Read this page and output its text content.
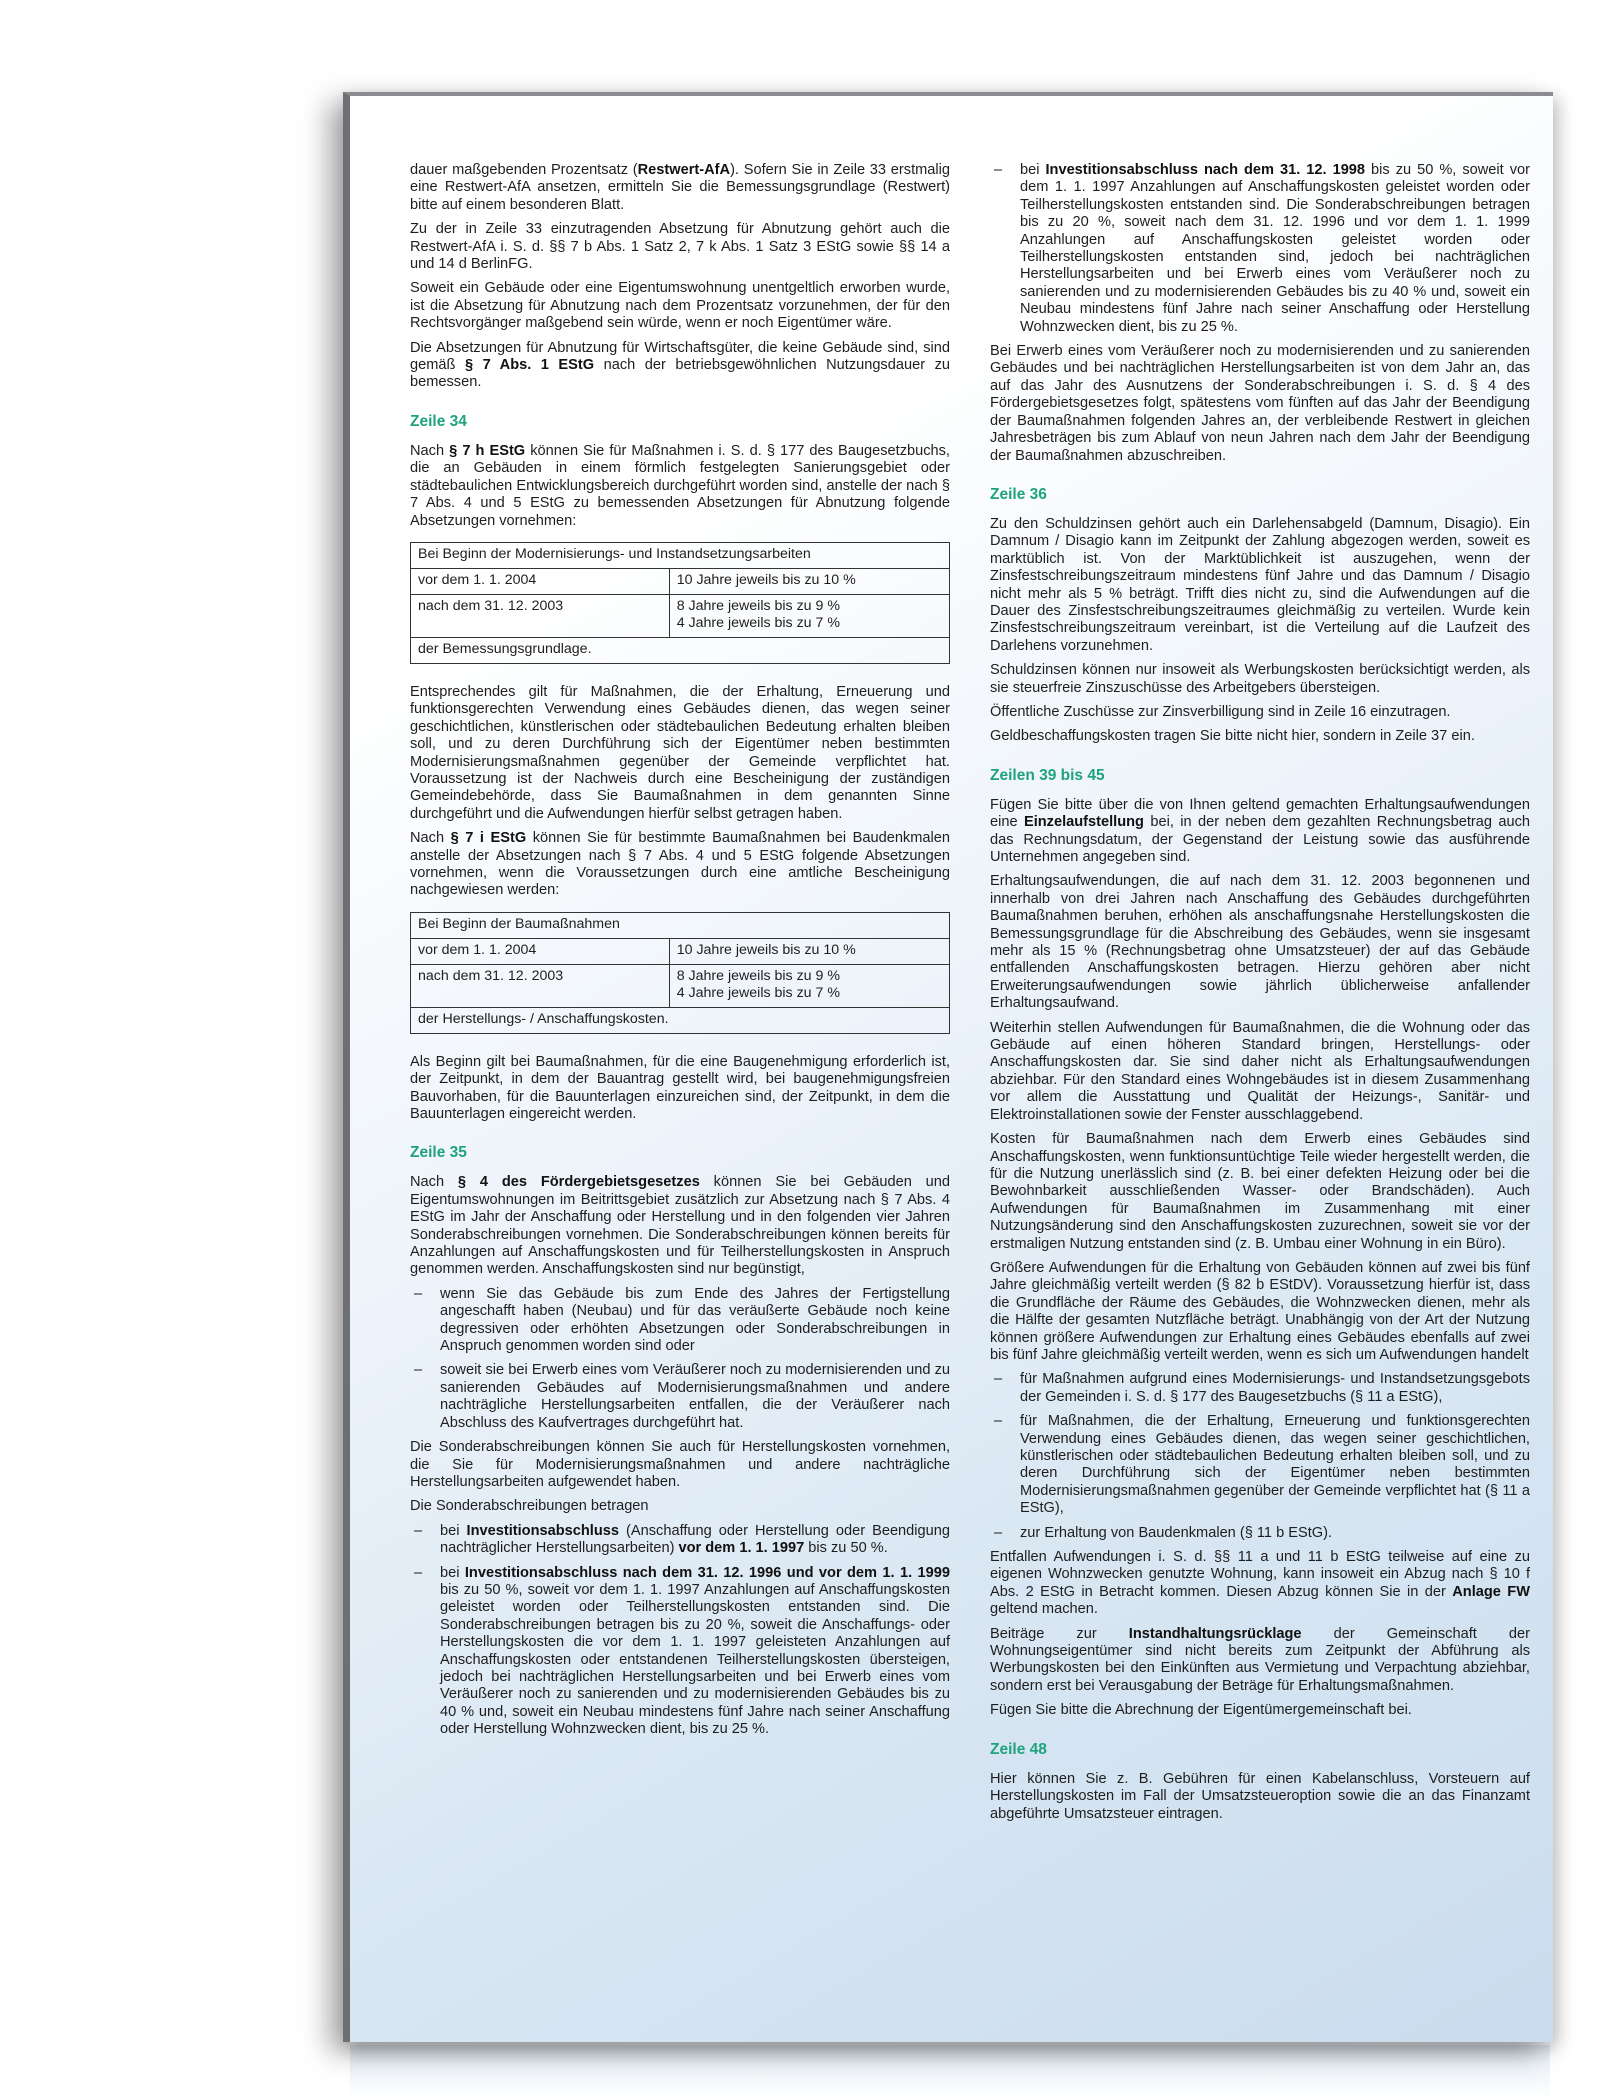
dauer maßgebenden Prozentsatz (Restwert-AfA). Sofern Sie in Zeile 33 erstmalig eine Restwert-AfA ansetzen, ermitteln Sie die Bemessungsgrundlage (Restwert) bitte auf einem besonderen Blatt.

Zu der in Zeile 33 einzutragenden Absetzung für Abnutzung gehört auch die Restwert-AfA i. S. d. §§ 7 b Abs. 1 Satz 2, 7 k Abs. 1 Satz 3 EStG sowie §§ 14 a und 14 d BerlinFG.

Soweit ein Gebäude oder eine Eigentumswohnung unentgeltlich erworben wurde, ist die Absetzung für Abnutzung nach dem Prozentsatz vorzunehmen, der für den Rechtsvorgänger maßgebend sein würde, wenn er noch Eigentümer wäre.

Die Absetzungen für Abnutzung für Wirtschaftsgüter, die keine Gebäude sind, sind gemäß § 7 Abs. 1 EStG nach der betriebsgewöhnlichen Nutzungsdauer zu bemessen.

Zeile 34

Nach § 7 h EStG können Sie für Maßnahmen i. S. d. § 177 des Baugesetzbuchs, die an Gebäuden in einem förmlich festgelegten Sanierungsgebiet oder städtebaulichen Entwicklungsbereich durchgeführt worden sind, anstelle der nach § 7 Abs. 4 und 5 EStG zu bemessenden Absetzungen für Abnutzung folgende Absetzungen vornehmen:

Bei Beginn der Modernisierungs- und Instandsetzungsarbeiten	
vor dem 1. 1. 2004	10 Jahre jeweils bis zu 10 %

nach dem 31. 12. 2003	8 Jahre jeweils bis zu 9 %
4 Jahre jeweils bis zu 7 %

der Bemessungsgrundlage.	

Entsprechendes gilt für Maßnahmen, die der Erhaltung, Erneuerung und funktionsgerechten Verwendung eines Gebäudes dienen, das wegen seiner geschichtlichen, künstlerischen oder städtebaulichen Bedeutung erhalten bleiben soll, und zu deren Durchführung sich der Eigentümer neben bestimmten Modernisierungsmaßnahmen gegenüber der Gemeinde verpflichtet hat. Voraussetzung ist der Nachweis durch eine Bescheinigung der zuständigen Gemeindebehörde, dass Sie Baumaßnahmen in dem genannten Sinne durchgeführt und die Aufwendungen hierfür selbst getragen haben.

Nach § 7 i EStG können Sie für bestimmte Baumaßnahmen bei Baudenkmalen anstelle der Absetzungen nach § 7 Abs. 4 und 5 EStG folgende Absetzungen vornehmen, wenn die Voraussetzungen durch eine amtliche Bescheinigung nachgewiesen werden:

Bei Beginn der Baumaßnahmen	
vor dem 1. 1. 2004	10 Jahre jeweils bis zu 10 %

nach dem 31. 12. 2003	8 Jahre jeweils bis zu 9 %
4 Jahre jeweils bis zu 7 %

der Herstellungs- / Anschaffungskosten.	

Als Beginn gilt bei Baumaßnahmen, für die eine Baugenehmigung erforderlich ist, der Zeitpunkt, in dem der Bauantrag gestellt wird, bei baugenehmigungsfreien Bauvorhaben, für die Bauunterlagen einzureichen sind, der Zeitpunkt, in dem die Bauunterlagen eingereicht werden.

Zeile 35

Nach § 4 des Fördergebietsgesetzes können Sie bei Gebäuden und Eigentumswohnungen im Beitrittsgebiet zusätzlich zur Absetzung nach § 7 Abs. 4 EStG im Jahr der Anschaffung oder Herstellung und in den folgenden vier Jahren Sonderabschreibungen vornehmen. Die Sonderabschreibungen können bereits für Anzahlungen auf Anschaffungskosten und für Teilherstellungskosten in Anspruch genommen werden. Anschaffungskosten sind nur begünstigt,

– wenn Sie das Gebäude bis zum Ende des Jahres der Fertigstellung angeschafft haben (Neubau) und für das veräußerte Gebäude noch keine degressiven oder erhöhten Absetzungen oder Sonderabschreibungen in Anspruch genommen worden sind oder
– soweit sie bei Erwerb eines vom Veräußerer noch zu modernisierenden und zu sanierenden Gebäudes auf Modernisierungsmaßnahmen und andere nachträgliche Herstellungsarbeiten entfallen, die der Veräußerer nach Abschluss des Kaufvertrages durchgeführt hat.

Die Sonderabschreibungen können Sie auch für Herstellungskosten vornehmen, die Sie für Modernisierungsmaßnahmen und andere nachträgliche Herstellungsarbeiten aufgewendet haben.

Die Sonderabschreibungen betragen

– bei Investitionsabschluss (Anschaffung oder Herstellung oder Beendigung nachträglicher Herstellungsarbeiten) vor dem 1. 1. 1997 bis zu 50 %.
– bei Investitionsabschluss nach dem 31. 12. 1996 und vor dem 1. 1. 1999 bis zu 50 %, soweit vor dem 1. 1. 1997 Anzahlungen auf Anschaffungskosten geleistet worden oder Teilherstellungskosten entstanden sind. Die Sonderabschreibungen betragen bis zu 20 %, soweit die Anschaffungs- oder Herstellungskosten die vor dem 1. 1. 1997 geleisteten Anzahlungen auf Anschaffungskosten oder entstandenen Teilherstellungskosten übersteigen, jedoch bei nachträglichen Herstellungsarbeiten und bei Erwerb eines vom Veräußerer noch zu sanierenden und zu modernisierenden Gebäudes bis zu 40 % und, soweit ein Neubau mindestens fünf Jahre nach seiner Anschaffung oder Herstellung Wohnzwecken dient, bis zu 25 %.
– bei Investitionsabschluss nach dem 31. 12. 1998 bis zu 50 %, soweit vor dem 1. 1. 1997 Anzahlungen auf Anschaffungskosten geleistet worden oder Teilherstellungskosten entstanden sind. Die Sonderabschreibungen betragen bis zu 20 %, soweit nach dem 31. 12. 1996 und vor dem 1. 1. 1999 Anzahlungen auf Anschaffungskosten geleistet worden oder Teilherstellungskosten entstanden sind, jedoch bei nachträglichen Herstellungsarbeiten und bei Erwerb eines vom Veräußerer noch zu sanierenden und zu modernisierenden Gebäudes bis zu 40 % und, soweit ein Neubau mindestens fünf Jahre nach seiner Anschaffung oder Herstellung Wohnzwecken dient, bis zu 25 %.

Bei Erwerb eines vom Veräußerer noch zu modernisierenden und zu sanierenden Gebäudes und bei nachträglichen Herstellungsarbeiten ist von dem Jahr an, das auf das Jahr des Ausnutzens der Sonderabschreibungen i. S. d. § 4 des Fördergebietsgesetzes folgt, spätestens vom fünften auf das Jahr der Beendigung der Baumaßnahmen folgenden Jahres an, der verbleibende Restwert in gleichen Jahresbeträgen bis zum Ablauf von neun Jahren nach dem Jahr der Beendigung der Baumaßnahmen abzuschreiben.

Zeile 36

Zu den Schuldzinsen gehört auch ein Darlehensabgeld (Damnum, Disagio). Ein Damnum / Disagio kann im Zeitpunkt der Zahlung abgezogen werden, soweit es marktüblich ist. Von der Marktüblichkeit ist auszugehen, wenn der Zinsfestschreibungszeitraum mindestens fünf Jahre und das Damnum / Disagio nicht mehr als 5 % beträgt. Trifft dies nicht zu, sind die Aufwendungen auf die Dauer des Zinsfestschreibungszeitraumes gleichmäßig zu verteilen. Wurde kein Zinsfestschreibungszeitraum vereinbart, ist die Verteilung auf die Laufzeit des Darlehens vorzunehmen.

Schuldzinsen können nur insoweit als Werbungskosten berücksichtigt werden, als sie steuerfreie Zinszuschüsse des Arbeitgebers übersteigen.

Öffentliche Zuschüsse zur Zinsverbilligung sind in Zeile 16 einzutragen.

Geldbeschaffungskosten tragen Sie bitte nicht hier, sondern in Zeile 37 ein.

Zeilen 39 bis 45

Fügen Sie bitte über die von Ihnen geltend gemachten Erhaltungsaufwendungen eine Einzelaufstellung bei, in der neben dem gezahlten Rechnungsbetrag auch das Rechnungsdatum, der Gegenstand der Leistung sowie das ausführende Unternehmen angegeben sind.

Erhaltungsaufwendungen, die auf nach dem 31. 12. 2003 begonnenen und innerhalb von drei Jahren nach Anschaffung des Gebäudes durchgeführten Baumaßnahmen beruhen, erhöhen als anschaffungsnahe Herstellungskosten die Bemessungsgrundlage für die Abschreibung des Gebäudes, wenn sie insgesamt mehr als 15 % (Rechnungsbetrag ohne Umsatzsteuer) der auf das Gebäude entfallenden Anschaffungskosten betragen. Hierzu gehören aber nicht Erweiterungsaufwendungen sowie jährlich üblicherweise anfallender Erhaltungsaufwand.

Weiterhin stellen Aufwendungen für Baumaßnahmen, die die Wohnung oder das Gebäude auf einen höheren Standard bringen, Herstellungs- oder Anschaffungskosten dar. Sie sind daher nicht als Erhaltungsaufwendungen abziehbar. Für den Standard eines Wohngebäudes ist in diesem Zusammenhang vor allem die Ausstattung und Qualität der Heizungs-, Sanitär- und Elektroinstallationen sowie der Fenster ausschlaggebend.

Kosten für Baumaßnahmen nach dem Erwerb eines Gebäudes sind Anschaffungskosten, wenn funktionsuntüchtige Teile wieder hergestellt werden, die für die Nutzung unerlässlich sind (z. B. bei einer defekten Heizung oder bei die Bewohnbarkeit ausschließenden Wasser- oder Brandschäden). Auch Aufwendungen für Baumaßnahmen im Zusammenhang mit einer Nutzungsänderung sind den Anschaffungskosten zuzurechnen, soweit sie vor der erstmaligen Nutzung entstanden sind (z. B. Umbau einer Wohnung in ein Büro).

Größere Aufwendungen für die Erhaltung von Gebäuden können auf zwei bis fünf Jahre gleichmäßig verteilt werden (§ 82 b EStDV). Voraussetzung hierfür ist, dass die Grundfläche der Räume des Gebäudes, die Wohnzwecken dienen, mehr als die Hälfte der gesamten Nutzfläche beträgt. Unabhängig von der Art der Nutzung können größere Aufwendungen zur Erhaltung eines Gebäudes ebenfalls auf zwei bis fünf Jahre gleichmäßig verteilt werden, wenn es sich um Aufwendungen handelt

– für Maßnahmen aufgrund eines Modernisierungs- und Instandsetzungsgebots der Gemeinden i. S. d. § 177 des Baugesetzbuchs (§ 11 a EStG),
– für Maßnahmen, die der Erhaltung, Erneuerung und funktionsgerechten Verwendung eines Gebäudes dienen, das wegen seiner geschichtlichen, künstlerischen oder städtebaulichen Bedeutung erhalten bleiben soll, und zu deren Durchführung sich der Eigentümer neben bestimmten Modernisierungsmaßnahmen gegenüber der Gemeinde verpflichtet hat (§ 11 a EStG),
– zur Erhaltung von Baudenkmalen (§ 11 b EStG).

Entfallen Aufwendungen i. S. d. §§ 11 a und 11 b EStG teilweise auf eine zu eigenen Wohnzwecken genutzte Wohnung, kann insoweit ein Abzug nach § 10 f Abs. 2 EStG in Betracht kommen. Diesen Abzug können Sie in der Anlage FW geltend machen.

Beiträge zur Instandhaltungsrücklage der Gemeinschaft der Wohnungseigentümer sind nicht bereits zum Zeitpunkt der Abführung als Werbungskosten bei den Einkünften aus Vermietung und Verpachtung abziehbar, sondern erst bei Verausgabung der Beträge für Erhaltungsmaßnahmen.

Fügen Sie bitte die Abrechnung der Eigentümergemeinschaft bei.

Zeile 48

Hier können Sie z. B. Gebühren für einen Kabelanschluss, Vorsteuern auf Herstellungskosten im Fall der Umsatzsteueroption sowie die an das Finanzamt abgeführte Umsatzsteuer eintragen.
